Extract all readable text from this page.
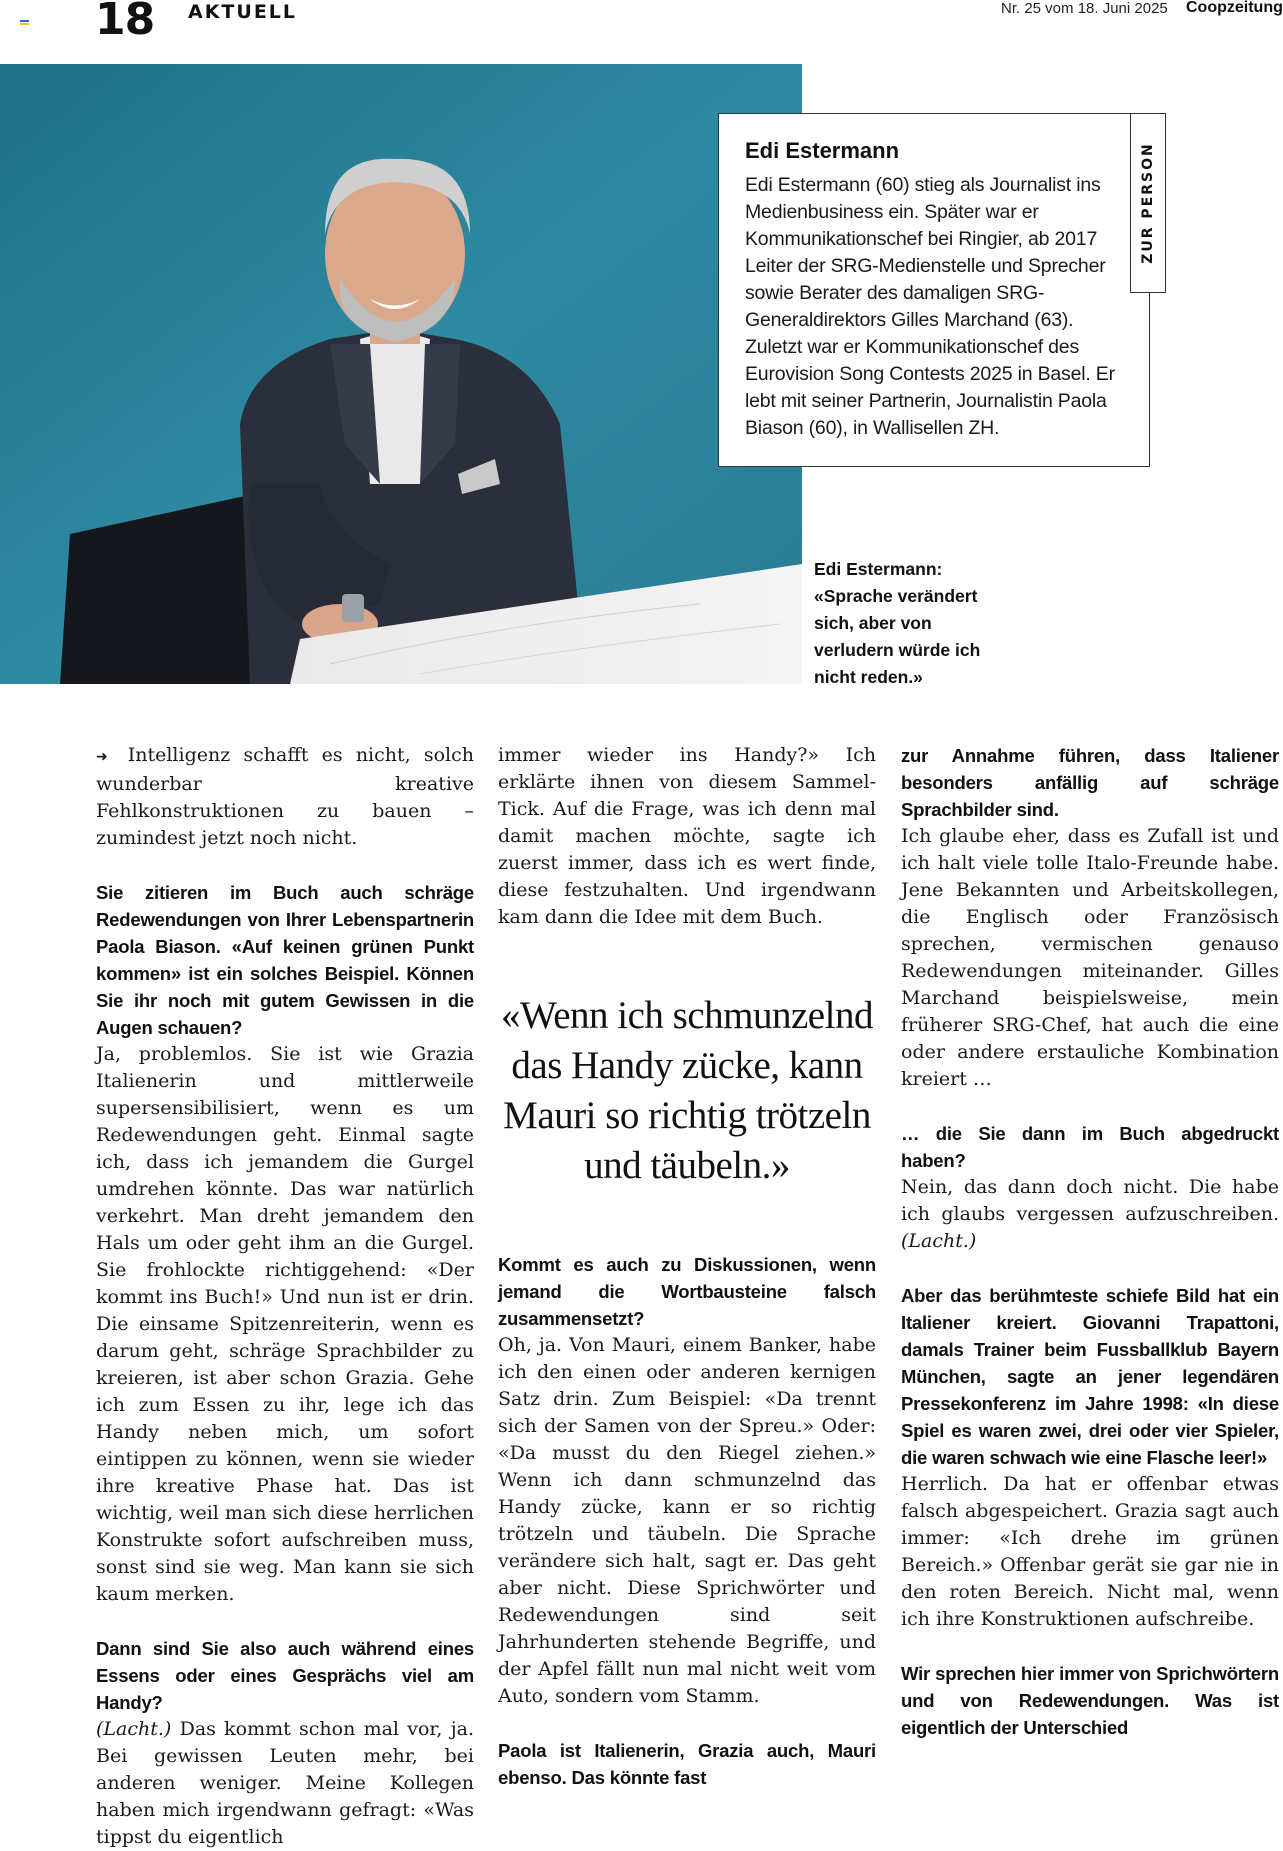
18 AKTUELL	Nr. 25 vom 18. Juni 2025 Coopzeitung
Edi Estermann
Edi Estermann (60) stieg als Journalist ins Medienbusiness ein. Später war er Kommunikationschef bei Ringier, ab 2017 Leiter der SRG-Medienstelle und Sprecher sowie Berater des damaligen SRG-Generaldirektors Gilles Marchand (63). Zuletzt war er Kommunikationschef des Eurovision Song Contests 2025 in Basel. Er lebt mit seiner Partnerin, Journalistin Paola Biason (60), in Wallisellen ZH.
ZUR PERSON
Edi Estermann: «Sprache verändert sich, aber von verludern würde ich nicht reden.»

➜ Intelligenz schafft es nicht, solch wunderbar kreative Fehlkonstruktionen zu bauen – zumindest jetzt noch nicht.

Sie zitieren im Buch auch schräge Redewendungen von Ihrer Lebenspartnerin Paola Biason. «Auf keinen grünen Punkt kommen» ist ein solches Beispiel. Können Sie ihr noch mit gutem Gewissen in die Augen schauen?

Ja, problemlos. Sie ist wie Grazia Italienerin und mittlerweile supersensibilisiert, wenn es um Redewendungen geht. Einmal sagte ich, dass ich jemandem die Gurgel umdrehen könnte. Das war natürlich verkehrt. Man dreht jemandem den Hals um oder geht ihm an die Gurgel. Sie frohlockte richtiggehend: «Der kommt ins Buch!» Und nun ist er drin. Die einsame Spitzenreiterin, wenn es darum geht, schräge Sprachbilder zu kreieren, ist aber schon Grazia. Gehe ich zum Essen zu ihr, lege ich das Handy neben mich, um sofort eintippen zu können, wenn sie wieder ihre kreative Phase hat. Das ist wichtig, weil man sich diese herrlichen Konstrukte sofort aufschreiben muss, sonst sind sie weg. Man kann sie sich kaum merken.

Dann sind Sie also auch während eines Essens oder eines Gesprächs viel am Handy?

(Lacht.) Das kommt schon mal vor, ja. Bei gewissen Leuten mehr, bei anderen weniger. Meine Kollegen haben mich irgendwann gefragt: «Was tippst du eigentlich

immer wieder ins Handy?» Ich erklärte ihnen von diesem Sammel-Tick. Auf die Frage, was ich denn mal damit machen möchte, sagte ich zuerst immer, dass ich es wert finde, diese festzuhalten. Und irgendwann kam dann die Idee mit dem Buch.

«Wenn ich schmunzelnd das Handy zücke, kann Mauri so richtig trötzeln und täubeln.»

Kommt es auch zu Diskussionen, wenn jemand die Wortbausteine falsch zusammensetzt?

Oh, ja. Von Mauri, einem Banker, habe ich den einen oder anderen kernigen Satz drin. Zum Beispiel: «Da trennt sich der Samen von der Spreu.» Oder: «Da musst du den Riegel ziehen.» Wenn ich dann schmunzelnd das Handy zücke, kann er so richtig trötzeln und täubeln. Die Sprache verändere sich halt, sagt er. Das geht aber nicht. Diese Sprichwörter und Redewendungen sind seit Jahrhunderten stehende Begriffe, und der Apfel fällt nun mal nicht weit vom Auto, sondern vom Stamm.

Paola ist Italienerin, Grazia auch, Mauri ebenso. Das könnte fast

zur Annahme führen, dass Italiener besonders anfällig auf schräge Sprachbilder sind.

Ich glaube eher, dass es Zufall ist und ich halt viele tolle Italo-Freunde habe. Jene Bekannten und Arbeitskollegen, die Englisch oder Französisch sprechen, vermischen genauso Redewendungen miteinander. Gilles Marchand beispielsweise, mein früherer SRG-Chef, hat auch die eine oder andere erstauliche Kombination kreiert …

… die Sie dann im Buch abgedruckt haben?

Nein, das dann doch nicht. Die habe ich glaubs vergessen aufzuschreiben. (Lacht.)

Aber das berühmteste schiefe Bild hat ein Italiener kreiert. Giovanni Trapattoni, damals Trainer beim Fussballklub Bayern München, sagte an jener legendären Pressekonferenz im Jahre 1998: «In diese Spiel es waren zwei, drei oder vier Spieler, die waren schwach wie eine Flasche leer!»

Herrlich. Da hat er offenbar etwas falsch abgespeichert. Grazia sagt auch immer: «Ich drehe im grünen Bereich.» Offenbar gerät sie gar nie in den roten Bereich. Nicht mal, wenn ich ihre Konstruktionen aufschreibe.

Wir sprechen hier immer von Sprichwörtern und von Redewendungen. Was ist eigentlich der Unterschied
